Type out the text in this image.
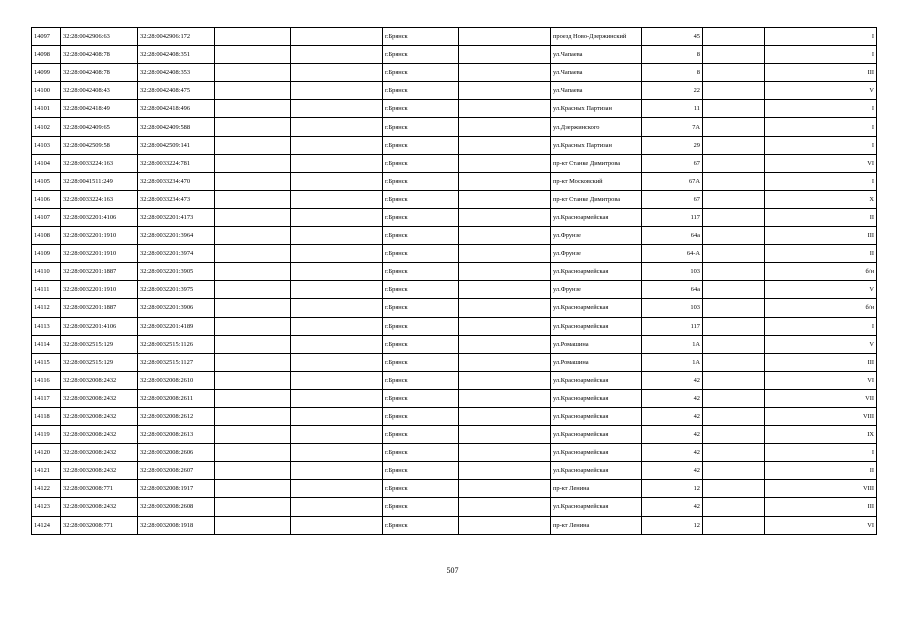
14097	32:28:0042906:63	32:28:0042906:172			г.Брянск		проезд Ново-Дзержинский	45		I
14098	32:28:0042408:78	32:28:0042408:351			г.Брянск		ул.Чапаева	8		I
14099	32:28:0042408:78	32:28:0042408:353			г.Брянск		ул.Чапаева	8		III
14100	32:28:0042408:43	32:28:0042408:475			г.Брянск		ул.Чапаева	22		V
14101	32:28:0042418:49	32:28:0042418:496			г.Брянск		ул.Красных Партизан	11		I
14102	32:28:0042409:65	32:28:0042409:588			г.Брянск		ул.Дзержинского	7А		I
14103	32:28:0042509:58	32:28:0042509:141			г.Брянск		ул.Красных Партизан	29		I
14104	32:28:0033224:163	32:28:0033224:781			г.Брянск		пр-кт Станке Димитрова	67		VI
14105	32:28:0041511:249	32:28:0033234:470			г.Брянск		пр-кт Московский	67А		I
14106	32:28:0033224:163	32:28:0033234:473			г.Брянск		пр-кт Станке Димитрова	67		X
14107	32:28:0032201:4106	32:28:0032201:4173			г.Брянск		ул.Красноармейская	117		II
14108	32:28:0032201:1910	32:28:0032201:3964			г.Брянск		ул.Фрунзе	64а		III
14109	32:28:0032201:1910	32:28:0032201:3974			г.Брянск		ул.Фрунзе	64-А		II
14110	32:28:0032201:1887	32:28:0032201:3905			г.Брянск		ул.Красноармейская	103		б/н
14111	32:28:0032201:1910	32:28:0032201:3975			г.Брянск		ул.Фрунзе	64а		V
14112	32:28:0032201:1887	32:28:0032201:3906			г.Брянск		ул.Красноармейская	103		б/н
14113	32:28:0032201:4106	32:28:0032201:4189			г.Брянск		ул.Красноармейская	117		I
14114	32:28:0032515:129	32:28:0032515:1126			г.Брянск		ул.Ромашина	1А		V
14115	32:28:0032515:129	32:28:0032515:1127			г.Брянск		ул.Ромашина	1А		III
14116	32:28:0032008:2432	32:28:0032008:2610			г.Брянск		ул.Красноармейская	42		VI
14117	32:28:0032008:2432	32:28:0032008:2611			г.Брянск		ул.Красноармейская	42		VII
14118	32:28:0032008:2432	32:28:0032008:2612			г.Брянск		ул.Красноармейская	42		VIII
14119	32:28:0032008:2432	32:28:0032008:2613			г.Брянск		ул.Красноармейская	42		IX
14120	32:28:0032008:2432	32:28:0032008:2606			г.Брянск		ул.Красноармейская	42		I
14121	32:28:0032008:2432	32:28:0032008:2607			г.Брянск		ул.Красноармейская	42		II
14122	32:28:0032008:771	32:28:0032008:1917			г.Брянск		пр-кт Ленина	12		VIII
14123	32:28:0032008:2432	32:28:0032008:2608			г.Брянск		ул.Красноармейская	42		III
14124	32:28:0032008:771	32:28:0032008:1918			г.Брянск		пр-кт Ленина	12		VI
507
